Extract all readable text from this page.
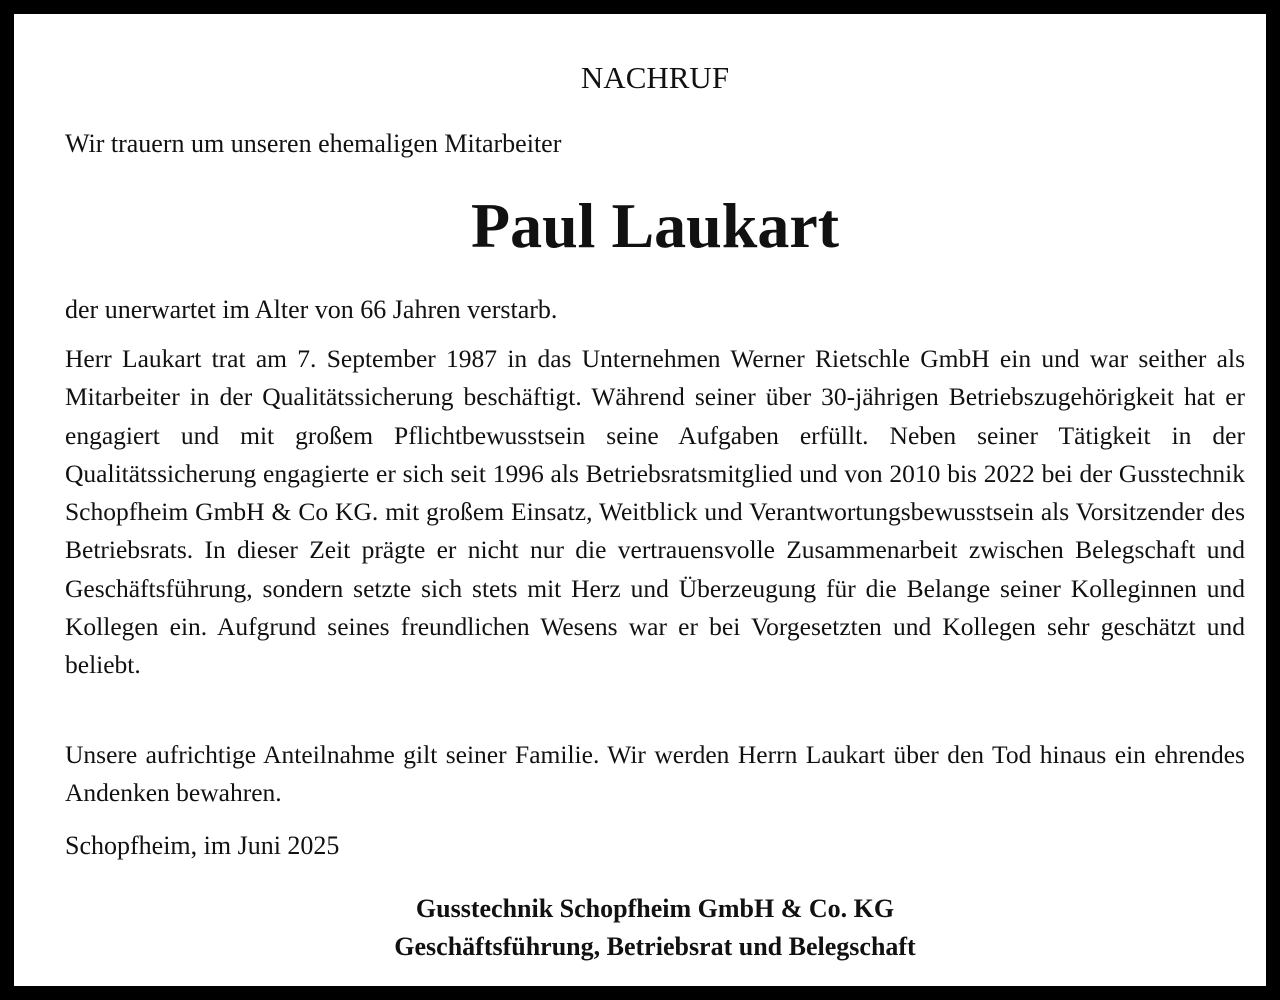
NACHRUF

Wir trauern um unseren ehemaligen Mitarbeiter

Paul Laukart

der unerwartet im Alter von 66 Jahren verstarb.

Herr Laukart trat am 7. September 1987 in das Unternehmen Werner Rietschle GmbH ein und war seither als Mitarbeiter in der Qualitätssicherung beschäftigt. Während seiner über 30-jährigen Betriebszugehörigkeit hat er engagiert und mit großem Pflichtbewusstsein seine Aufgaben erfüllt. Neben seiner Tätigkeit in der Qualitätssicherung engagierte er sich seit 1996 als Betriebsratsmitglied und von 2010 bis 2022 bei der Gusstechnik Schopfheim GmbH & Co KG. mit großem Einsatz, Weitblick und Verantwortungsbewusstsein als Vorsitzender des Betriebsrats. In dieser Zeit prägte er nicht nur die vertrauensvolle Zusammenarbeit zwischen Belegschaft und Geschäftsführung, sondern setzte sich stets mit Herz und Überzeugung für die Belange seiner Kolleginnen und Kollegen ein. Aufgrund seines freundlichen Wesens war er bei Vorgesetzten und Kollegen sehr geschätzt und beliebt.

Unsere aufrichtige Anteilnahme gilt seiner Familie. Wir werden Herrn Laukart über den Tod hinaus ein ehrendes Andenken bewahren.

Schopfheim, im Juni 2025

Gusstechnik Schopfheim GmbH & Co. KG
Geschäftsführung, Betriebsrat und Belegschaft
